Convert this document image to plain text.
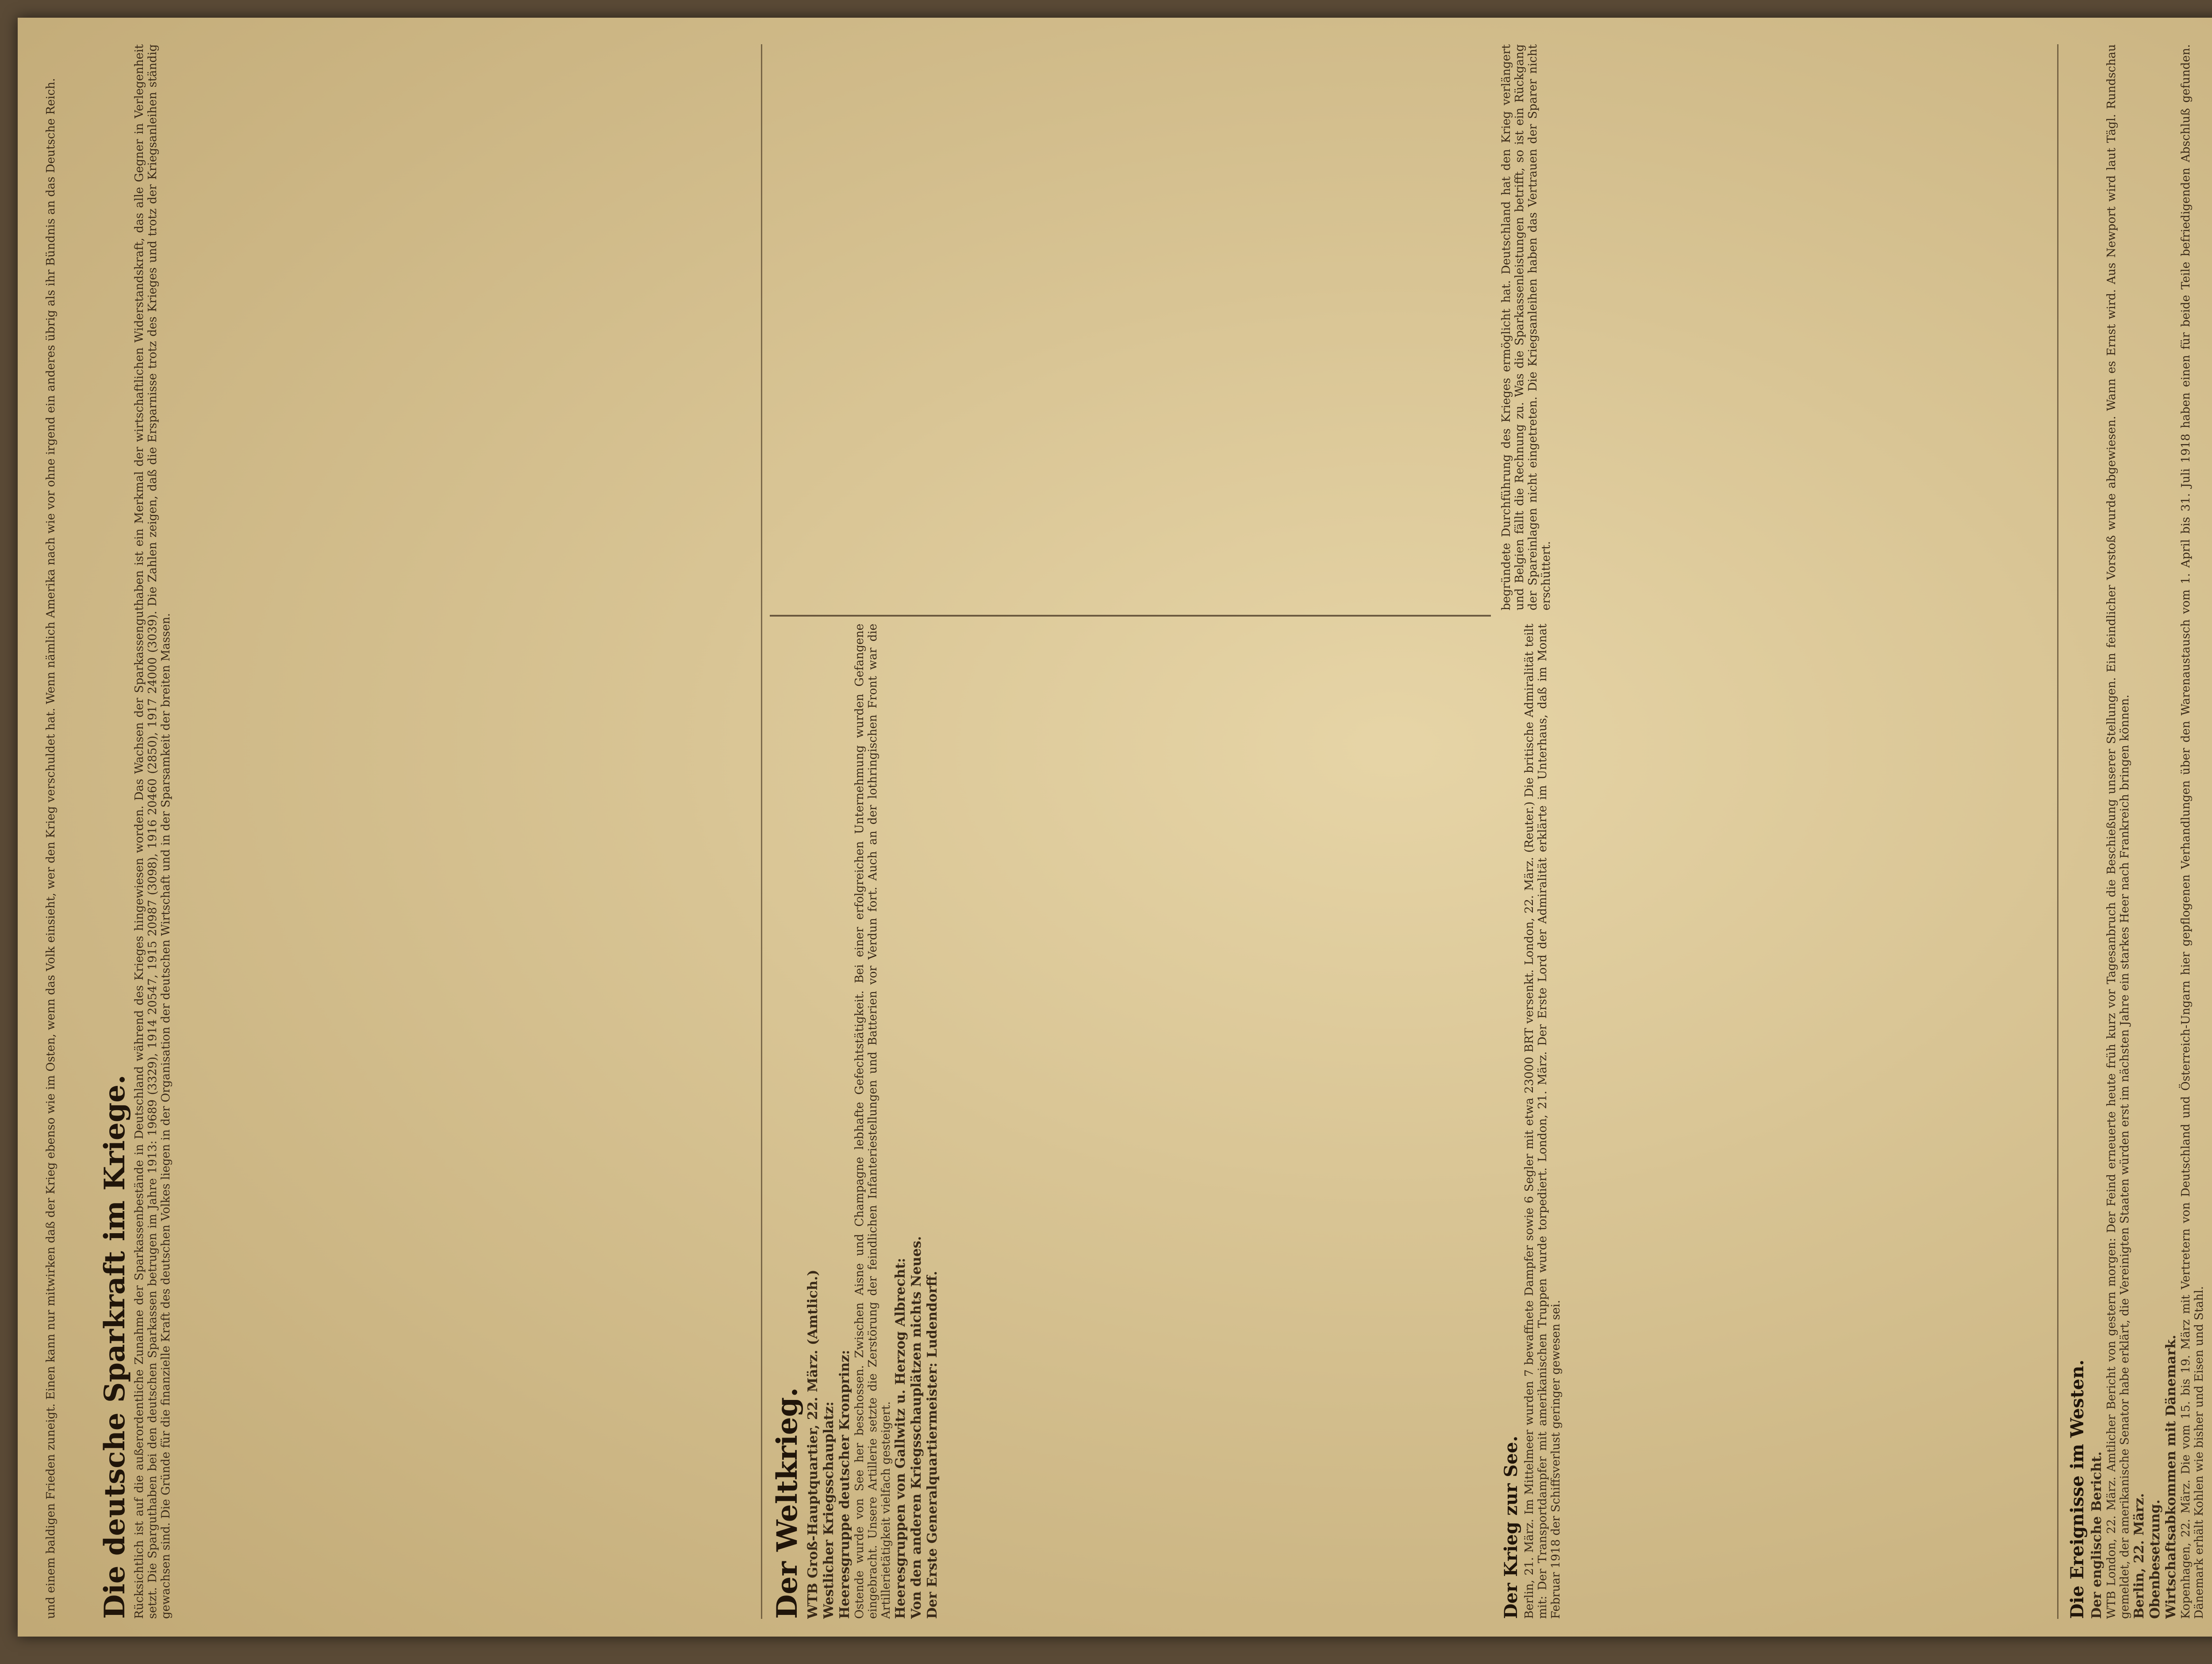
und einem baldigen Frieden zuneigt. Einen kann nur mitwirken daß der Krieg ebenso wie im Osten, wenn das Volk einsieht, wer den Krieg verschuldet hat. Wenn nämlich Amerika nach wie vor ohne irgend ein anderes übrig als ihr Bündnis an das Deutsche Reich.	Die deutsche Sparkraft im Kriege. Rücksichtlich ist auf die außerordentliche Zunahme der Sparkassenbestände in Deutschland während des Krieges hingewiesen worden. Das Wachsen der Sparkassenguthaben ist ein Merkmal der wirtschaftlichen Widerstandskraft, das alle Gegner in Verlegenheit setzt. Die Sparguthaben bei den deutschen Sparkassen betrugen im Jahre 1913: 19689 (3329), 1914 20547, 1915 20987 (3098), 1916 20460 (2850), 1917 24000 (3039). Die Zahlen zeigen, daß die Ersparnisse trotz des Krieges und trotz der Kriegsanleihen ständig gewachsen sind. Die Gründe für die finanzielle Kraft des deutschen Volkes liegen in der Organisation der deutschen Wirtschaft und in der Sparsamkeit der breiten Massen.	Der Weltkrieg. WTB Groß-Hauptquartier, 22. März. (Amtlich.) Westlicher Kriegsschauplatz: Heeresgruppe deutscher Kronprinz: Ostende wurde von See her beschossen. Zwischen Aisne und Champagne lebhafte Gefechtstätigkeit. Bei einer erfolgreichen Unternehmung wurden Gefangene eingebracht. Unsere Artillerie setzte die Zerstörung der feindlichen Infanteriestellungen und Batterien vor Verdun fort. Auch an der lothringischen Front war die Artillerietätigkeit vielfach gesteigert. Heeresgruppen von Gallwitz u. Herzog Albrecht: Von den anderen Kriegsschauplätzen nichts Neues. Der Erste Generalquartiermeister: Ludendorff.
begründete Durchführung des Krieges ermöglicht hat. Deutschland hat den Krieg verlängert und Belgien fällt die Rechnung zu. Was die Sparkassenleistungen betrifft, so ist ein Rückgang der Spareinlagen nicht eingetreten. Die Kriegsanleihen haben das Vertrauen der Sparer nicht erschüttert.
Der Krieg zur See. Berlin, 21. März. Im Mittelmeer wurden 7 bewaffnete Dampfer sowie 6 Segler mit etwa 23000 BRT versenkt. London, 22. März. (Reuter.) Die britische Admiralität teilt mit: Der Transportdampfer mit amerikanischen Truppen wurde torpediert. London, 21. März. Der Erste Lord der Admiralität erklärte im Unterhaus, daß im Monat Februar 1918 der Schiffsverlust geringer gewesen sei.	Die Ereignisse im Westen. Der englische Bericht. WTB London, 22. März. Amtlicher Bericht von gestern morgen: Der Feind erneuerte heute früh kurz vor Tagesanbruch die Beschießung unserer Stellungen. Ein feindlicher Vorstoß wurde abgewiesen. Wann es Ernst wird. Aus Newport wird laut Tägl. Rundschau gemeldet, der amerikanische Senator habe erklärt, die Vereinigten Staaten würden erst im nächsten Jahre ein starkes Heer nach Frankreich bringen können. Berlin, 22. März. Obenbesetzung. Wirtschaftsabkommen mit Dänemark. Kopenhagen, 22. März. Die vom 15. bis 19. März mit Vertretern von Deutschland und Österreich-Ungarn hier gepflogenen Verhandlungen über den Warenaustausch vom 1. April bis 31. Juli 1918 haben einen für beide Teile befriedigenden Abschluß gefunden. Dänemark erhält Kohlen wie bisher und Eisen und Stahl.
